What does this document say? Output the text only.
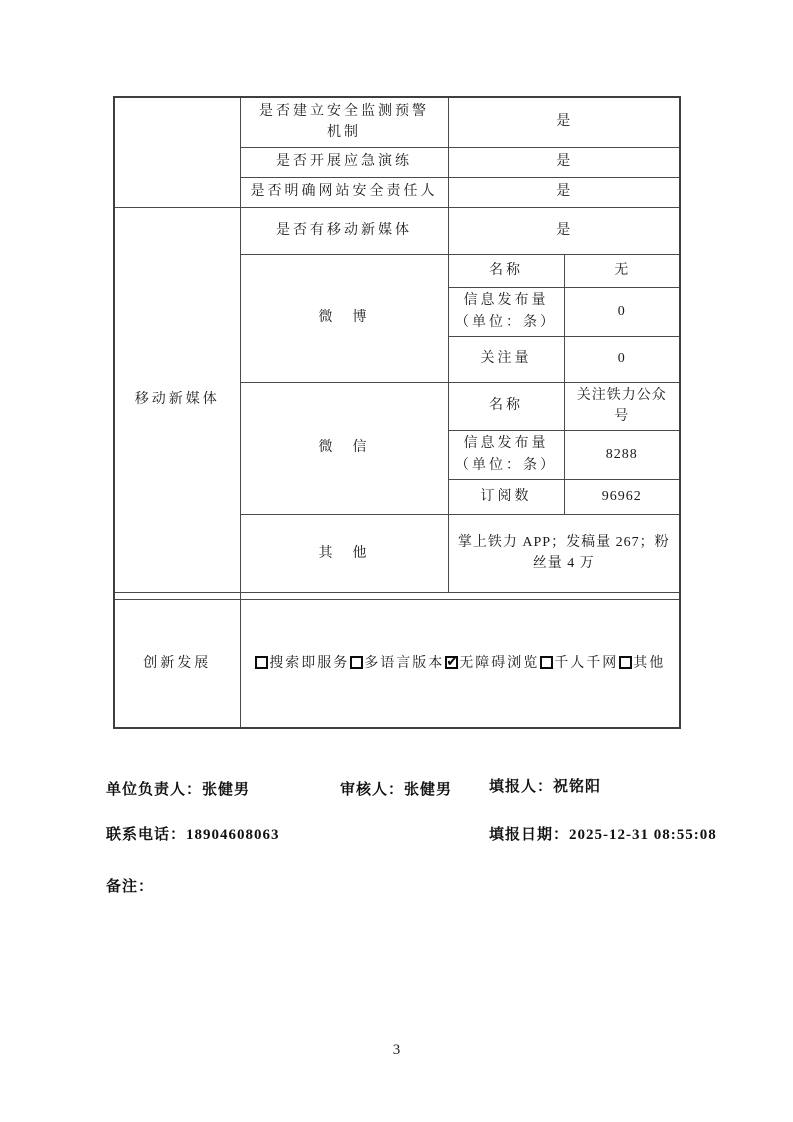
	是否建立安全监测预警
机制	是	
	是否开展应急演练	是	
	是否明确网站安全责任人	是	
移动新媒体	是否有移动新媒体	是	
	微　博	名称	无

		信息发布量
（单位：条）	0
		关注量	0
	微　信	名称	关注铁力公众号

		信息发布量
（单位：条）	8288
		订阅数	96962
	其　他	掌上铁力 APP；发稿量 267；粉丝量 4 万	

创新发展	搜索即服务 多语言版本 ✔ 无障碍浏览 千人千网 其他
单位负责人：张健男	审核人：张健男 填报人：祝铭阳
联系电话：18904608063	填报日期：2025-12-31 08:55:08
备注：
3
